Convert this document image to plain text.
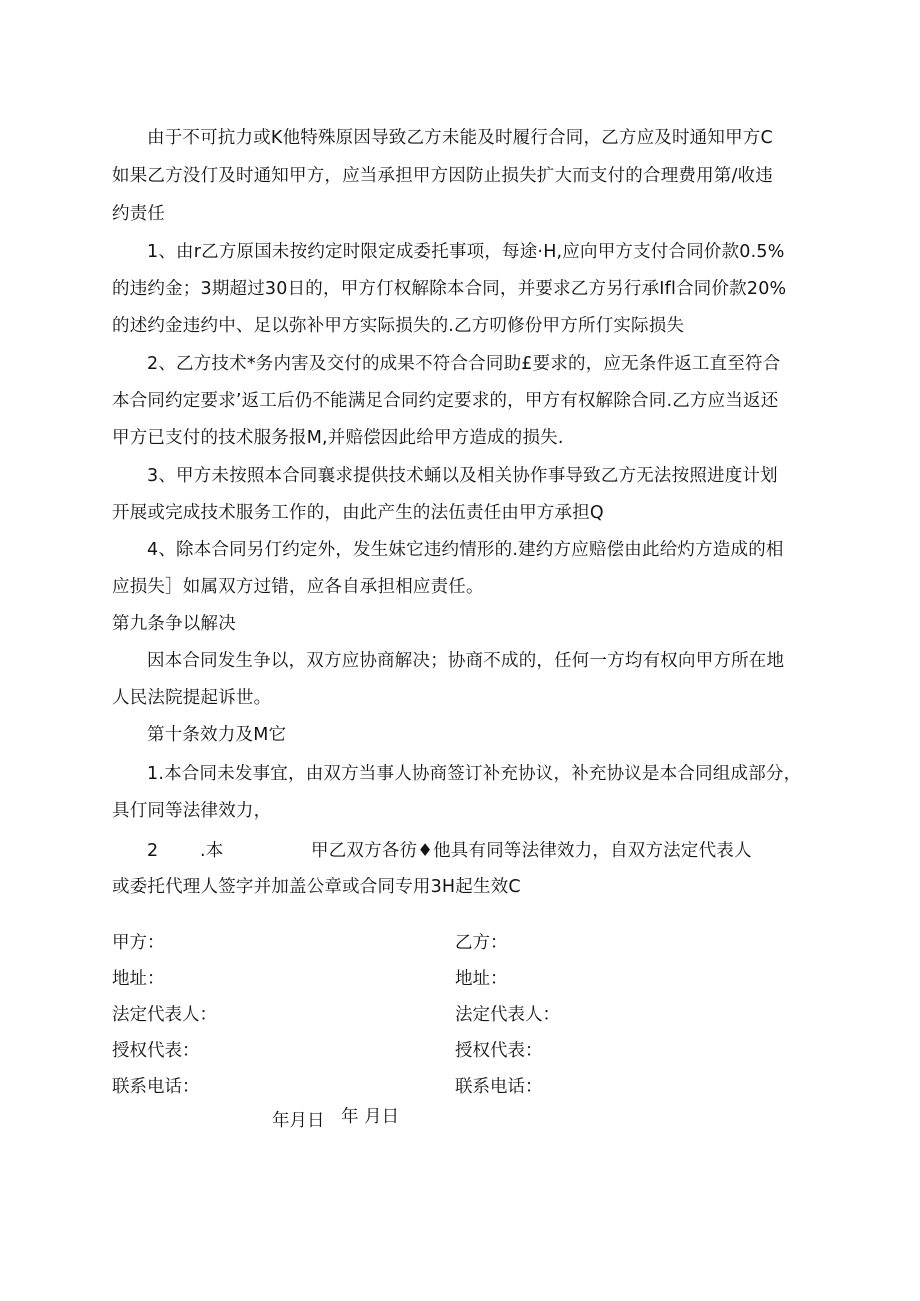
由于不可抗力或K他特殊原因导致乙方未能及时履行合同，乙方应及时通知甲方C
如果乙方没仃及时通知甲方，应当承担甲方因防止损失扩大而支付的合理费用第/收违
约责任
1、由r乙方原国未按约定时限定成委托事项，每途·H,应向甲方支付合同价款0.5%
的违约金；3期超过30日的，甲方仃权解除本合同，并要求乙方另行承Ifl合同价款20%
的述约金违约中、足以弥补甲方实际损失的.乙方叨修份甲方所仃实际损失
2、乙方技术*务内害及交付的成果不符合合同助£要求的，应无条件返工直至符合
本合同约定要求’返工后仍不能满足合同约定要求的，甲方有权解除合同.乙方应当返还
甲方已支付的技术服务报M,并赔偿因此给甲方造成的损失.
3、甲方未按照本合同襄求提供技术蛹以及相关协作事导致乙方无法按照进度计划
开展或完成技术服务工作的，由此产生的法伍责任由甲方承担Q
4、除本合同另仃约定外，发生妹它违约情形的.建约方应赔偿由此给灼方造成的相
应损失］如属双方过错，应各自承担相应责任。
第九条争以解决
因本合同发生争以，双方应协商解决；协商不成的，任何一方均有权向甲方所在地
人民法院提起诉世。
第十条效力及M它
1.本合同未发事宜，由双方当事人协商签订补充协议，补充协议是本合同组成部分，
具仃同等法律效力，
2 .本	甲乙双方各彷♦他具有同等法律效力，自双方法定代表人
或委托代理人签字并加盖公章或合同专用3H起生效C
甲方：
地址：
法定代表人：
授权代表：
联系电话：
乙方：
地址：
法定代表人：
授权代表：
联系电话：
年月日 年 月日
